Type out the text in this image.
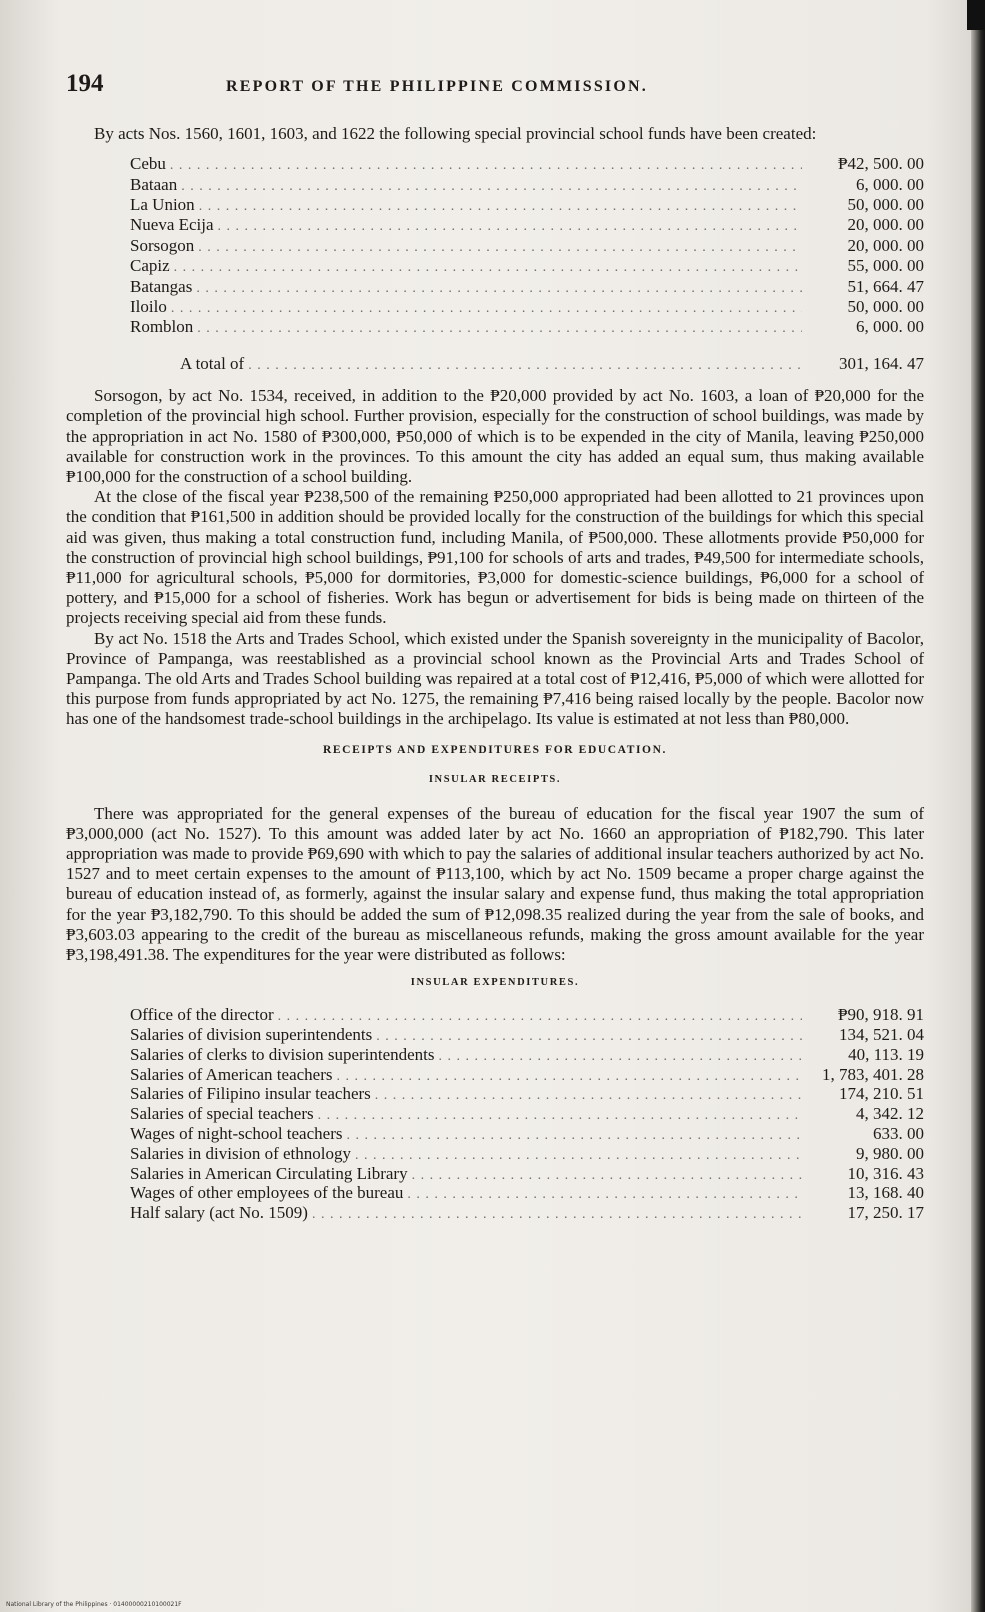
194	REPORT OF THE PHILIPPINE COMMISSION.

By acts Nos. 1560, 1601, 1603, and 1622 the following special provincial school funds have been created:

Cebu . . .	₱42, 500. 00
Bataan . . .	6, 000. 00
La Union . . .	50, 000. 00
Nueva Ecija . . .	20, 000. 00
Sorsogon . . .	20, 000. 00
Capiz . . .	55, 000. 00
Batangas . . .	51, 664. 47
Iloilo . . .	50, 000. 00
Romblon . . .	6, 000. 00
A total of . . .	301, 164. 47

Sorsogon, by act No. 1534, received, in addition to the ₱20,000 provided by act No. 1603, a loan of ₱20,000 for the completion of the provincial high school. Further provision, especially for the construction of school buildings, was made by the appropriation in act No. 1580 of ₱300,000, ₱50,000 of which is to be expended in the city of Manila, leaving ₱250,000 available for construction work in the provinces. To this amount the city has added an equal sum, thus making available ₱100,000 for the construction of a school building.

At the close of the fiscal year ₱238,500 of the remaining ₱250,000 appropriated had been allotted to 21 provinces upon the condition that ₱161,500 in addition should be provided locally for the construction of the buildings for which this special aid was given, thus making a total construction fund, including Manila, of ₱500,000. These allotments provide ₱50,000 for the construction of provincial high school buildings, ₱91,100 for schools of arts and trades, ₱49,500 for intermediate schools, ₱11,000 for agricultural schools, ₱5,000 for dormitories, ₱3,000 for domestic-science buildings, ₱6,000 for a school of pottery, and ₱15,000 for a school of fisheries. Work has begun or advertisement for bids is being made on thirteen of the projects receiving special aid from these funds.

By act No. 1518 the Arts and Trades School, which existed under the Spanish sovereignty in the municipality of Bacolor, Province of Pampanga, was reestablished as a provincial school known as the Provincial Arts and Trades School of Pampanga. The old Arts and Trades School building was repaired at a total cost of ₱12,416, ₱5,000 of which were allotted for this purpose from funds appropriated by act No. 1275, the remaining ₱7,416 being raised locally by the people. Bacolor now has one of the handsomest trade-school buildings in the archipelago. Its value is estimated at not less than ₱80,000.

RECEIPTS AND EXPENDITURES FOR EDUCATION.
INSULAR RECEIPTS.

There was appropriated for the general expenses of the bureau of education for the fiscal year 1907 the sum of ₱3,000,000 (act No. 1527). To this amount was added later by act No. 1660 an appropriation of ₱182,790. This later appropriation was made to provide ₱69,690 with which to pay the salaries of additional insular teachers authorized by act No. 1527 and to meet certain expenses to the amount of ₱113,100, which by act No. 1509 became a proper charge against the bureau of education instead of, as formerly, against the insular salary and expense fund, thus making the total appropriation for the year ₱3,182,790. To this should be added the sum of ₱12,098.35 realized during the year from the sale of books, and ₱3,603.03 appearing to the credit of the bureau as miscellaneous refunds, making the gross amount available for the year ₱3,198,491.38. The expenditures for the year were distributed as follows:

INSULAR EXPENDITURES.
Office of the director . . .	₱90, 918. 91
Salaries of division superintendents . . .	134, 521. 04
Salaries of clerks to division superintendents . . .	40, 113. 19
Salaries of American teachers . . .	1, 783, 401. 28
Salaries of Filipino insular teachers . . .	174, 210. 51
Salaries of special teachers . . .	4, 342. 12
Wages of night-school teachers . . .	633. 00
Salaries in division of ethnology . . .	9, 980. 00
Salaries in American Circulating Library . . .	10, 316. 43
Wages of other employees of the bureau . . .	13, 168. 40
Half salary (act No. 1509) . . .	17, 250. 17
National Library of the Philippines · 01400000210100021F
